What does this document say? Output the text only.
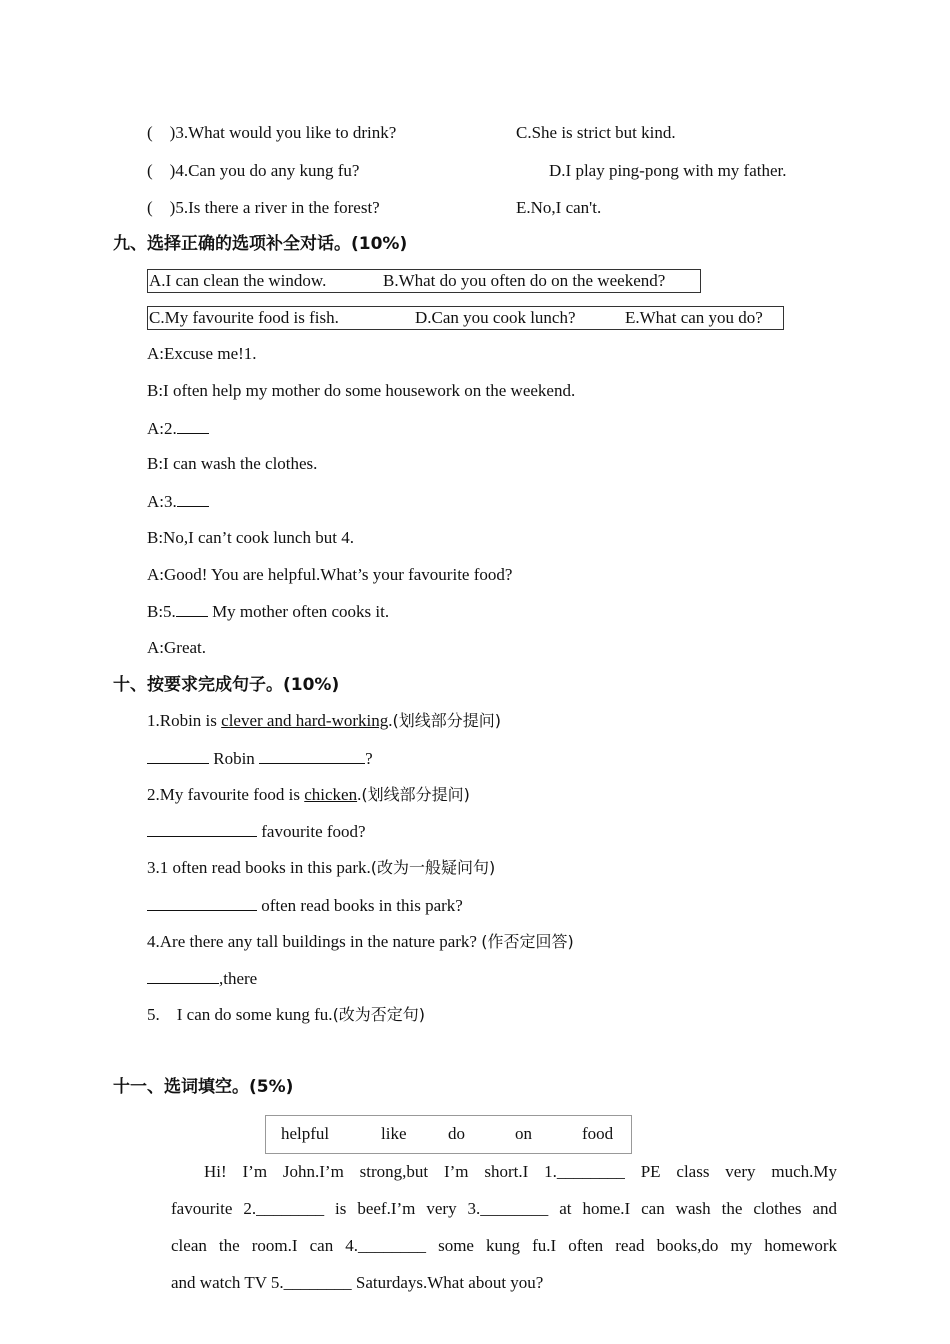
( )3.What would you like to drink?	C.She is strict but kind.
( )4.Can you do any kung fu?	D.I play ping-pong with my father.
( )5.Is there a river in the forest?	E.No,I can't.
九、选择正确的选项补全对话。(10%)
A.I can clean the window.	B.What do you often do on the weekend?
C.My favourite food is fish.	D.Can you cook lunch?	E.What can you do?
A:Excuse me!1.
B:I often help my mother do some housework on the weekend.
A:2.
B:I can wash the clothes.
A:3.
B:No,I can’t cook lunch but 4.
A:Good! You are helpful.What’s your favourite food?
B:5. My mother often cooks it.
A:Great.
十、按要求完成句子。(10%)
1.Robin is clever and hard-working.(划线部分提问)
Robin	?
2.My favourite food is chicken.(划线部分提问)
favourite food?
3.1 often read books in this park.(改为一般疑问句)
often read books in this park?
4.Are there any tall buildings in the nature park? (作否定回答)
,there
5. I can do some kung fu.(改为否定句)
十一、选词填空。(5%)
helpful	like do	on	food
Hi! I’m John.I’m strong,but I’m short.I 1.________ PE class very much.My
favourite 2.________ is beef.I’m very 3.________ at home.I can wash the clothes and
clean the room.I can 4.________ some kung fu.I often read books,do my homework
and watch TV 5.________ Saturdays.What about you?
